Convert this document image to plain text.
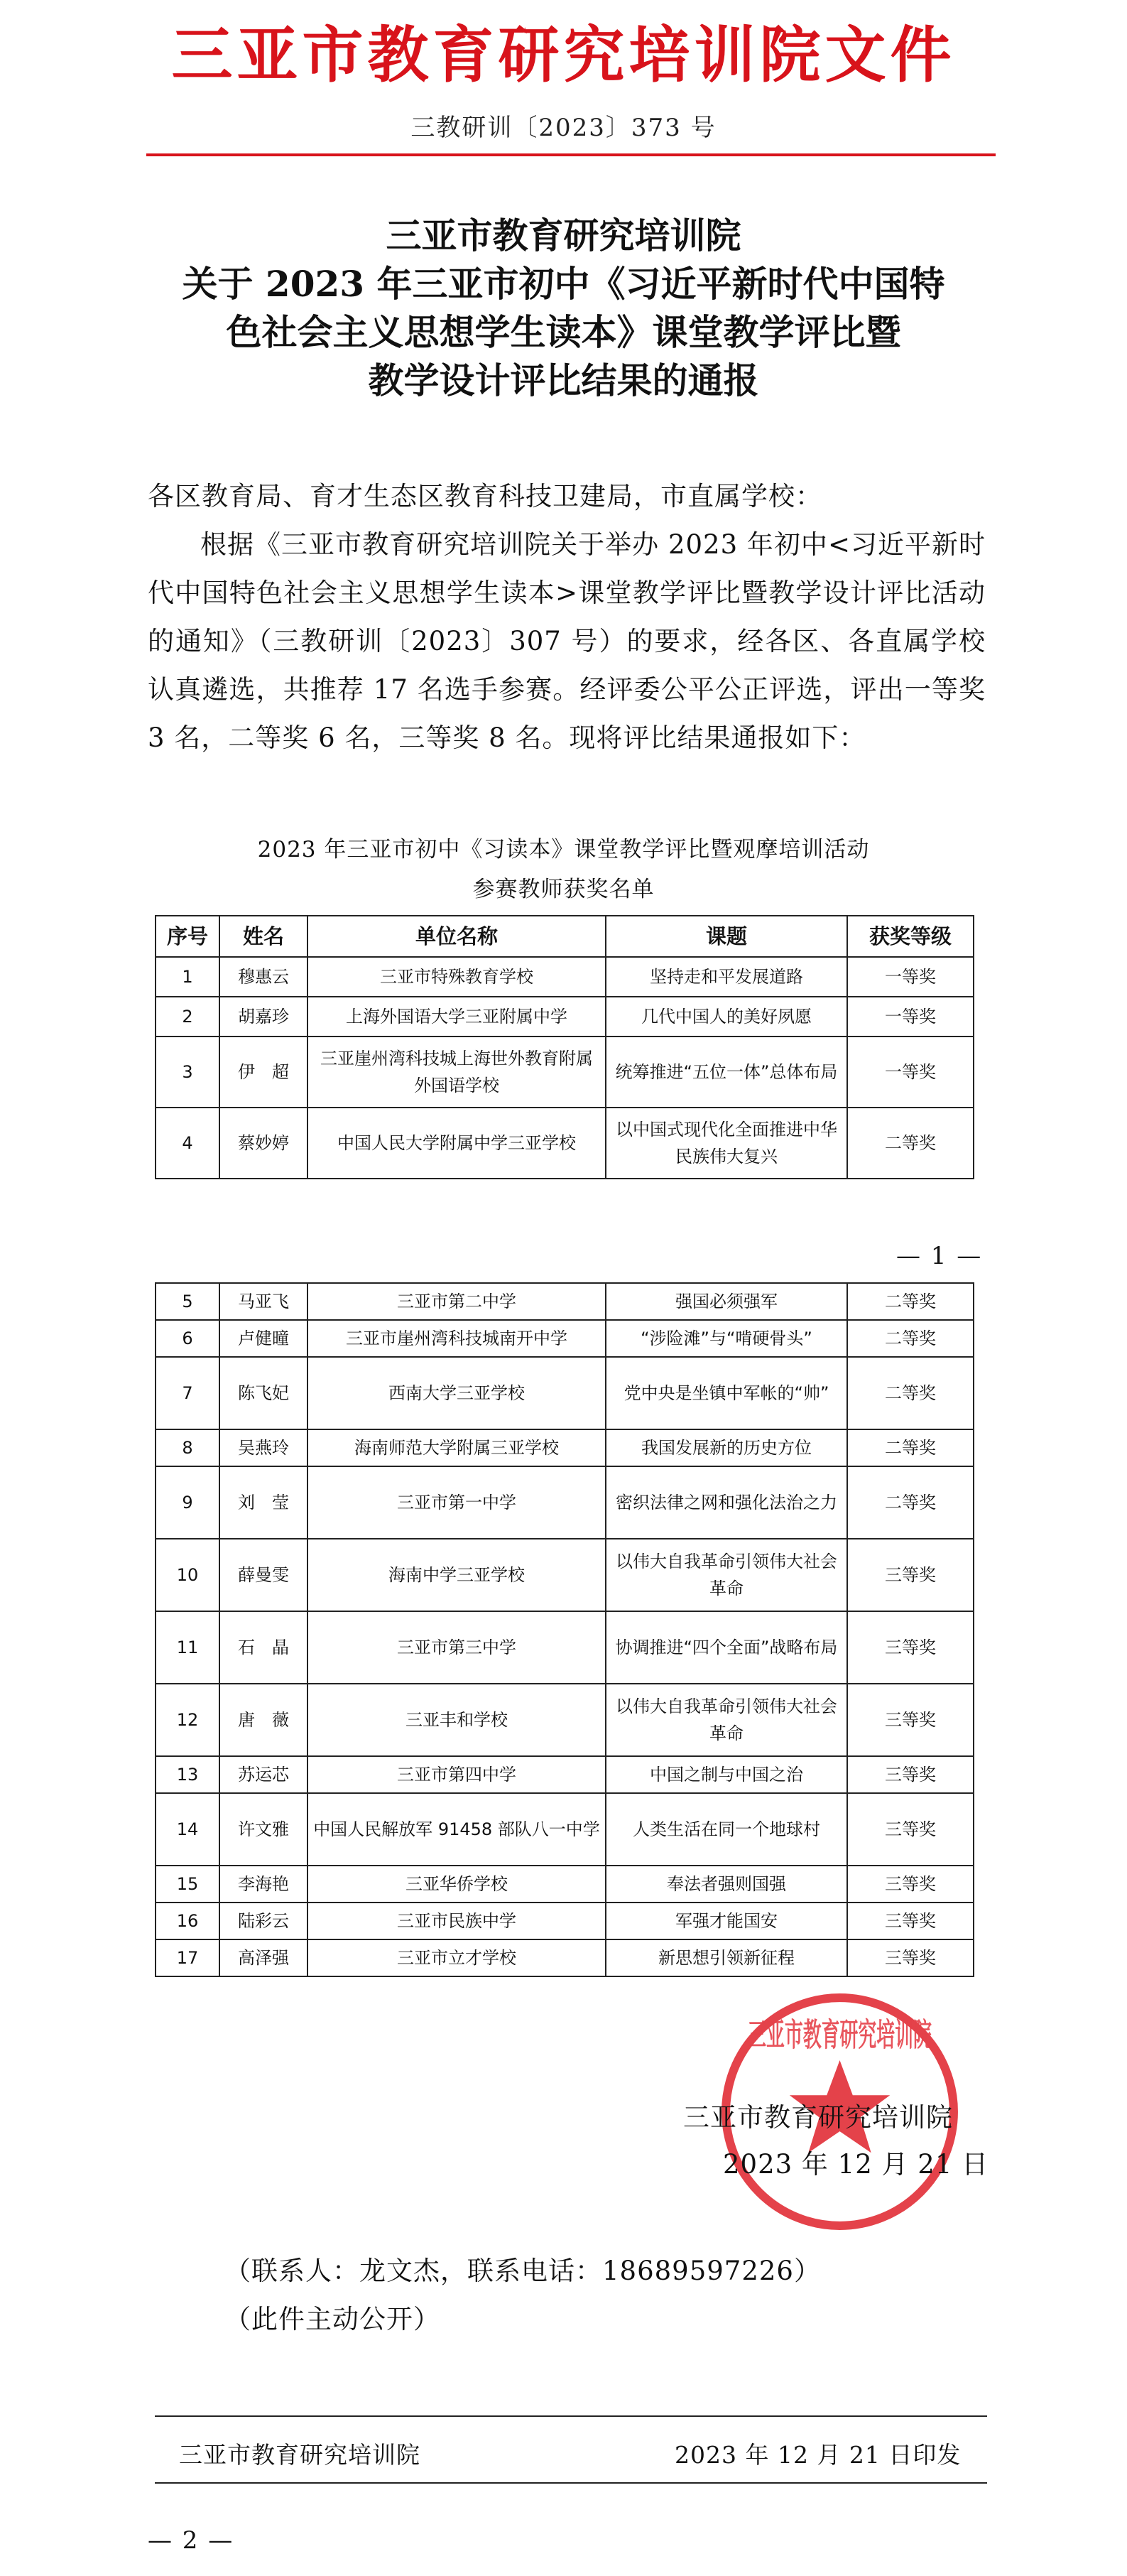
三亚市教育研究培训院文件
三教研训〔2023〕373 号
三亚市教育研究培训院
关于 2023 年三亚市初中《习近平新时代中国特
色社会主义思想学生读本》课堂教学评比暨
教学设计评比结果的通报
各区教育局、育才生态区教育科技卫建局，市直属学校：
根据《三亚市教育研究培训院关于举办 2023 年初中<习近平新时代中国特色社会主义思想学生读本>课堂教学评比暨教学设计评比活动的通知》（三教研训〔2023〕307 号）的要求，经各区、各直属学校认真遴选，共推荐 17 名选手参赛。经评委公平公正评选，评出一等奖 3 名，二等奖 6 名，三等奖 8 名。现将评比结果通报如下：
2023 年三亚市初中《习读本》课堂教学评比暨观摩培训活动
参赛教师获奖名单
序号	姓名	单位名称	课题	获奖等级
1	穆惠云	三亚市特殊教育学校	坚持走和平发展道路	一等奖
2	胡嘉珍	上海外国语大学三亚附属中学	几代中国人的美好夙愿	一等奖
3	伊　超	三亚崖州湾科技城上海世外教育附属外国语学校	统筹推进“五位一体”总体布局	一等奖
4	蔡妙婷	中国人民大学附属中学三亚学校	以中国式现代化全面推进中华民族伟大复兴	二等奖
— 1 —
5	马亚飞	三亚市第二中学	强国必须强军	二等奖
6	卢健曈	三亚市崖州湾科技城南开中学	“涉险滩”与“啃硬骨头”	二等奖
7	陈飞妃	西南大学三亚学校	党中央是坐镇中军帐的“帅”	二等奖
8	吴燕玲	海南师范大学附属三亚学校	我国发展新的历史方位	二等奖
9	刘　莹	三亚市第一中学	密织法律之网和强化法治之力	二等奖
10	薛曼雯	海南中学三亚学校	以伟大自我革命引领伟大社会革命	三等奖
11	石　晶	三亚市第三中学	协调推进“四个全面”战略布局	三等奖
12	唐　薇	三亚丰和学校	以伟大自我革命引领伟大社会革命	三等奖
13	苏运芯	三亚市第四中学	中国之制与中国之治	三等奖
14	许文雅	中国人民解放军 91458 部队八一中学	人类生活在同一个地球村	三等奖
15	李海艳	三亚华侨学校	奉法者强则国强	三等奖
16	陆彩云	三亚市民族中学	军强才能国安	三等奖
17	高泽强	三亚市立才学校	新思想引领新征程	三等奖
三亚市教育研究培训院
三亚市教育研究培训院
2023 年 12 月 21 日
（联系人：龙文杰，联系电话：18689597226）
（此件主动公开）
三亚市教育研究培训院	2023 年 12 月 21 日印发
— 2 —
